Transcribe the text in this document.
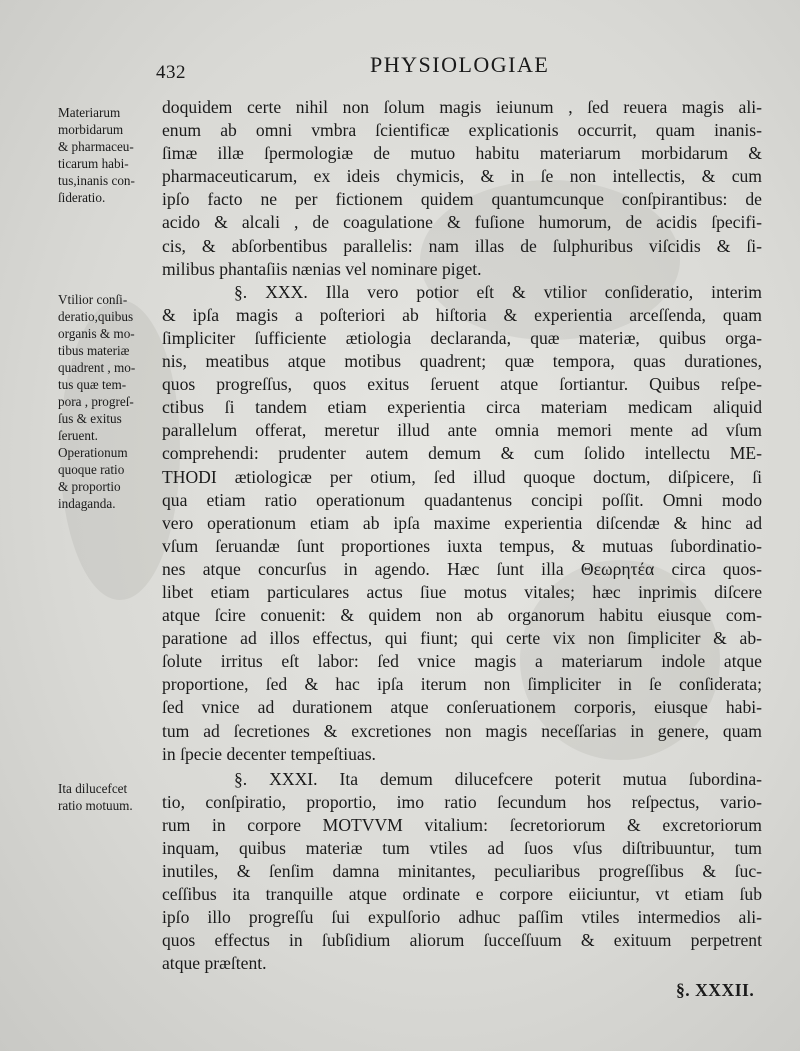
432	PHYSIOLOGIAE
Materiarum
morbidarum
& pharmaceu-
ticarum habi-
tus,inanis con-
ſideratio.
Vtilior conſi-
deratio,quibus
organis & mo-
tibus materiæ
quadrent , mo-
tus quæ tem-
pora , progreſ-
ſus & exitus
ſeruent.
Operationum
quoque ratio
& proportio
indaganda.
Ita dilucefcet
ratio motuum.
doquidem certe nihil non ſolum magis ieiunum , ſed reuera magis ali-
enum ab omni vmbra ſcientificæ explicationis occurrit, quam inanis-
ſimæ illæ ſpermologiæ de mutuo habitu materiarum morbidarum &
pharmaceuticarum, ex ideis chymicis, & in ſe non intellectis, & cum
ipſo facto ne per fictionem quidem quantumcunque conſpirantibus: de
acido & alcali , de coagulatione & fuſione humorum, de acidis ſpecifi-
cis, & abſorbentibus parallelis: nam illas de ſulphuribus viſcidis & ſi-
milibus phantaſiis nænias vel nominare piget.
§. XXX. Illa vero potior eſt & vtilior conſideratio, interim
& ipſa magis a poſteriori ab hiſtoria & experientia arceſſenda, quam
ſimpliciter ſufficiente ætiologia declaranda, quæ materiæ, quibus orga-
nis, meatibus atque motibus quadrent; quæ tempora, quas durationes,
quos progreſſus, quos exitus ſeruent atque ſortiantur. Quibus reſpe-
ctibus ſi tandem etiam experientia circa materiam medicam aliquid
parallelum offerat, meretur illud ante omnia memori mente ad vſum
comprehendi: prudenter autem demum & cum ſolido intellectu ME-
THODI ætiologicæ per otium, ſed illud quoque doctum, diſpicere, ſi
qua etiam ratio operationum quadantenus concipi poſſit. Omni modo
vero operationum etiam ab ipſa maxime experientia diſcendæ & hinc ad
vſum ſeruandæ ſunt proportiones iuxta tempus, & mutuas ſubordinatio-
nes atque concurſus in agendo. Hæc ſunt illa Θεωρητέα circa quos-
libet etiam particulares actus ſiue motus vitales; hæc inprimis diſcere
atque ſcire conuenit: & quidem non ab organorum habitu eiusque com-
paratione ad illos effectus, qui fiunt; qui certe vix non ſimpliciter & ab-
ſolute irritus eſt labor: ſed vnice magis a materiarum indole atque
proportione, ſed & hac ipſa iterum non ſimpliciter in ſe conſiderata;
ſed vnice ad durationem atque conſeruationem corporis, eiusque habi-
tum ad ſecretiones & excretiones non magis neceſſarias in genere, quam
in ſpecie decenter tempeſtiuas.
§. XXXI. Ita demum dilucefcere poterit mutua ſubordina-
tio, conſpiratio, proportio, imo ratio ſecundum hos reſpectus, vario-
rum in corpore MOTVVM vitalium: ſecretoriorum & excretoriorum
inquam, quibus materiæ tum vtiles ad ſuos vſus diſtribuuntur, tum
inutiles, & ſenſim damna minitantes, peculiaribus progreſſibus & ſuc-
ceſſibus ita tranquille atque ordinate e corpore eiiciuntur, vt etiam ſub
ipſo illo progreſſu ſui expulſorio adhuc paſſim vtiles intermedios ali-
quos effectus in ſubſidium aliorum ſucceſſuum & exituum perpetrent
atque præſtent.
§. XXXII.
